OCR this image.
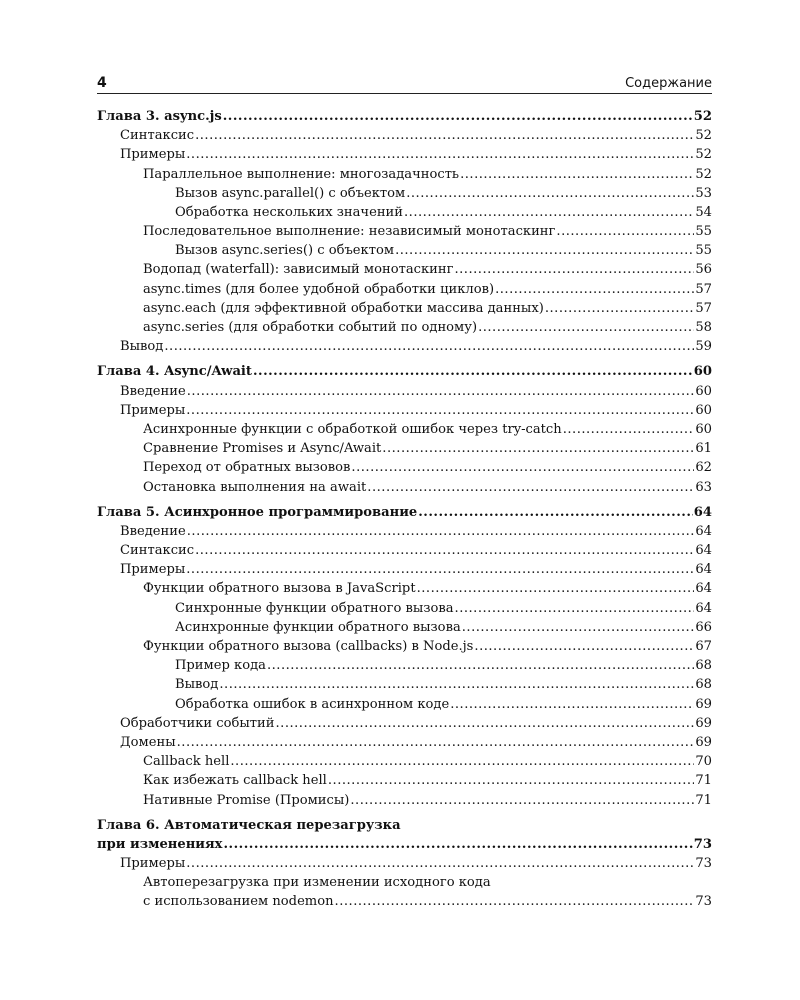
4	Содержание
Глава 3. async.js .....	52
Синтаксис .....	52
Примеры .....	52
Параллельное выполнение: многозадачность .....	52
Вызов async.parallel() с объектом .....	53
Обработка нескольких значений .....	54
Последовательное выполнение: независимый монотаскинг .....	55
Вызов async.series() с объектом .....	55
Водопад (waterfall): зависимый монотаскинг .....	56
async.times (для более удобной обработки циклов) .....	57
async.each (для эффективной обработки массива данных) .....	57
async.series (для обработки событий по одному) .....	58
Вывод .....	59
Глава 4. Async/Await .....	60
Введение .....	60
Примеры .....	60
Асинхронные функции с обработкой ошибок через try-catch .....	60
Сравнение Promises и Async/Await .....	61
Переход от обратных вызовов .....	62
Остановка выполнения на await .....	63
Глава 5. Асинхронное программирование .....	64
Введение .....	64
Синтаксис .....	64
Примеры .....	64
Функции обратного вызова в JavaScript .....	64
Синхронные функции обратного вызова .....	64
Асинхронные функции обратного вызова .....	66
Функции обратного вызова (callbacks) в Node.js .....	67
Пример кода .....	68
Вывод .....	68
Обработка ошибок в асинхронном коде .....	69
Обработчики событий .....	69
Домены .....	69
Callback hell .....	70
Как избежать callback hell .....	71
Нативные Promise (Промисы) .....	71
Глава 6. Автоматическая перезагрузка
при изменениях .....	73
Примеры .....	73
Автоперезагрузка при изменении исходного кода
с использованием nodemon .....	73
